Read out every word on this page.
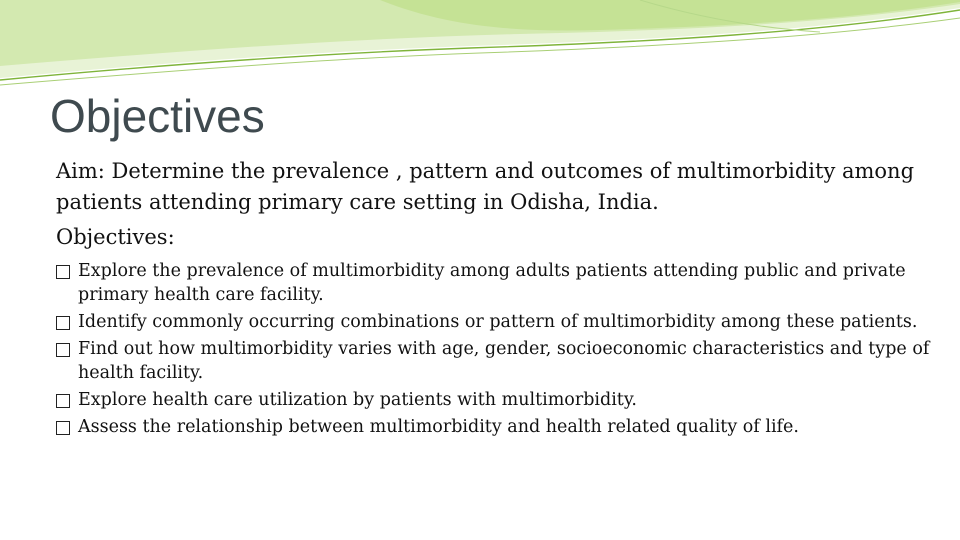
Objectives

Aim: Determine the prevalence , pattern and outcomes of multimorbidity among patients attending primary care setting in Odisha, India.

Objectives:

Explore the prevalence of multimorbidity among adults patients attending public and private primary health care facility.
Identify commonly occurring combinations or pattern of multimorbidity among these patients.
Find out how multimorbidity varies with age, gender, socioeconomic characteristics and type of health facility.
Explore health care utilization by patients with multimorbidity.
Assess the relationship between multimorbidity and health related quality of life.
